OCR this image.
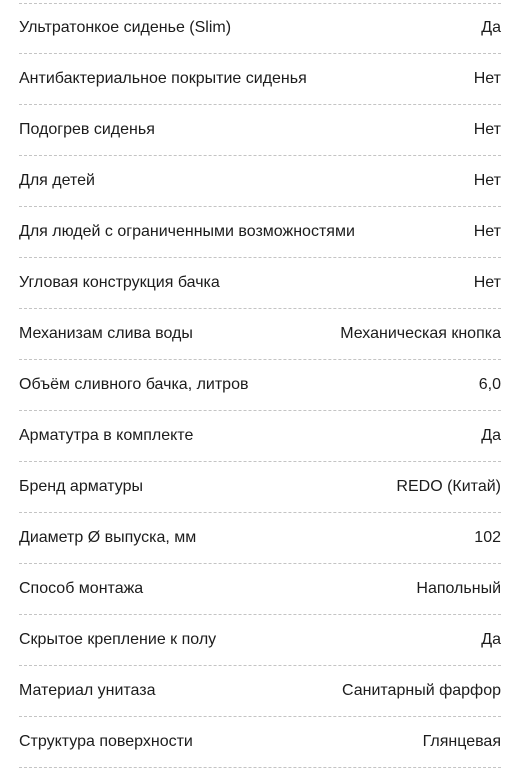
Ультратонкое сиденье (Slim)	Да
Антибактериальное покрытие сиденья	Нет
Подогрев сиденья	Нет
Для детей	Нет
Для людей с ограниченными возможностями	Нет
Угловая конструкция бачка	Нет
Механизам слива воды	Механическая кнопка
Объём сливного бачка, литров	6,0
Арматутра в комплекте	Да
Бренд арматуры	REDO (Китай)
Диаметр Ø выпуска, мм	102
Способ монтажа	Напольный
Скрытое крепление к полу	Да
Материал унитаза	Санитарный фарфор
Структура поверхности	Глянцевая
